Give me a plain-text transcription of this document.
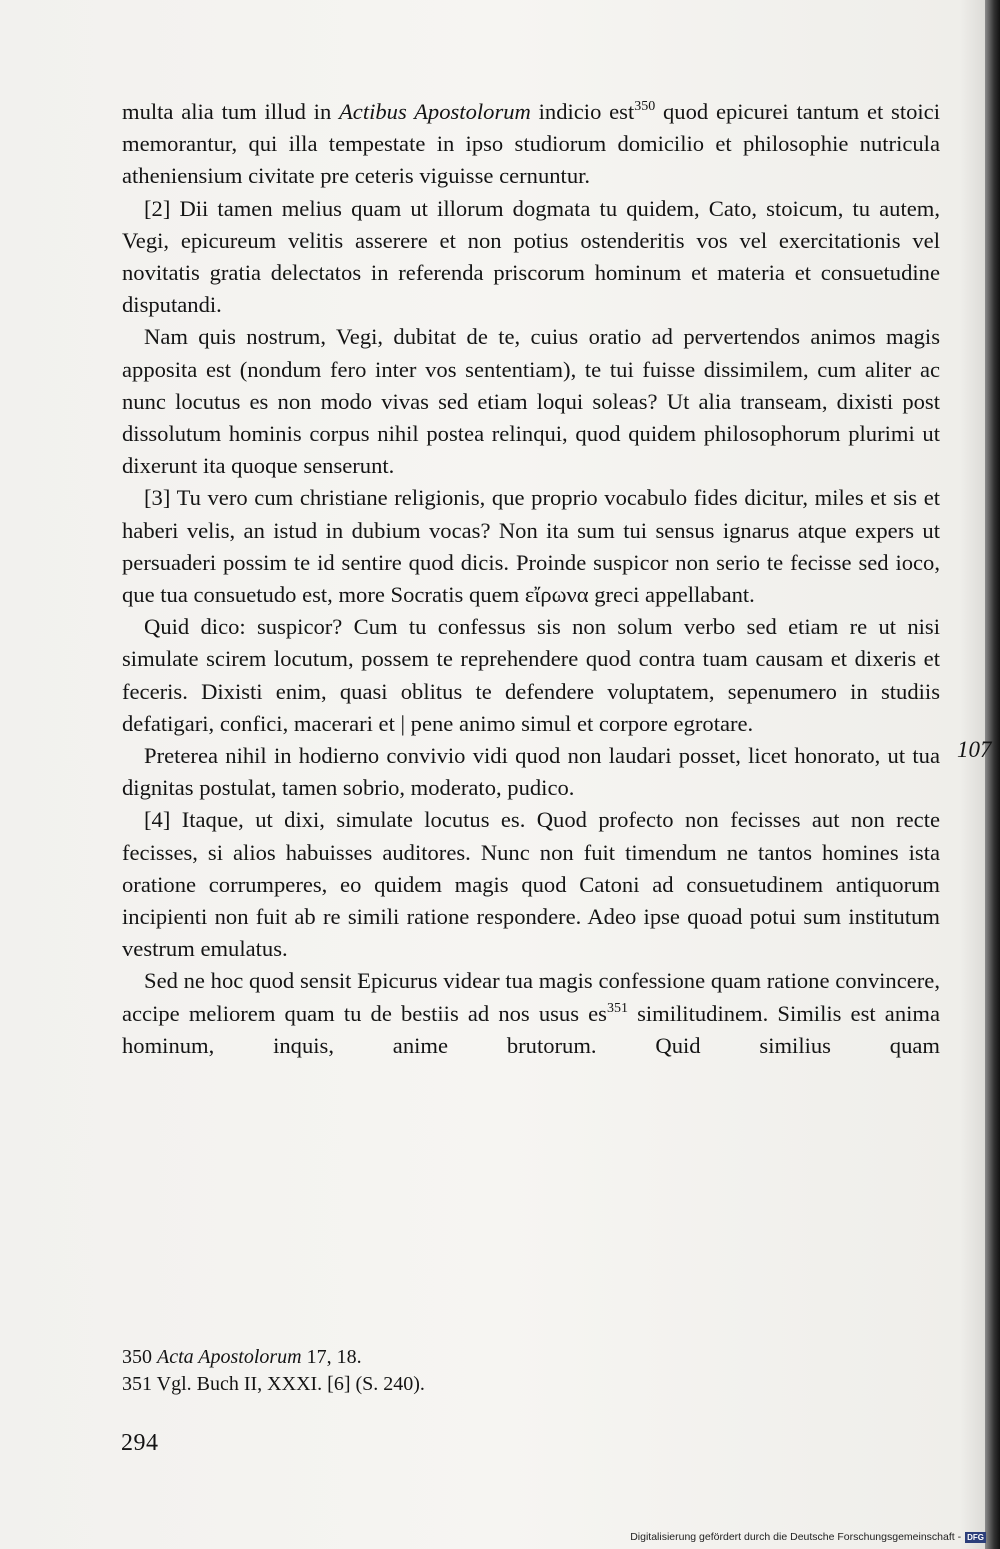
multa alia tum illud in Actibus Apostolorum indicio est$^{350}$ quod epicurei tantum et stoici memorantur, qui illa tempestate in ipso studiorum domicilio et philosophie nutricula atheniensium civitate pre ceteris viguisse cernuntur.

[2] Dii tamen melius quam ut illorum dogmata tu quidem, Cato, stoicum, tu autem, Vegi, epicureum velitis asserere et non potius ostenderitis vos vel exercitationis vel novitatis gratia delectatos in referenda priscorum hominum et materia et consuetudine disputandi.

Nam quis nostrum, Vegi, dubitat de te, cuius oratio ad pervertendos animos magis apposita est (nondum fero inter vos sententiam), te tui fuisse dissimilem, cum aliter ac nunc locutus es non modo vivas sed etiam loqui soleas? Ut alia transeam, dixisti post dissolutum hominis corpus nihil postea relinqui, quod quidem philosophorum plurimi ut dixerunt ita quoque senserunt.

[3] Tu vero cum christiane religionis, que proprio vocabulo fides dicitur, miles et sis et haberi velis, an istud in dubium vocas? Non ita sum tui sensus ignarus atque expers ut persuaderi possim te id sentire quod dicis. Proinde suspicor non serio te fecisse sed ioco, que tua consuetudo est, more Socratis quem εἴρωνα greci appellabant.

Quid dico: suspicor? Cum tu confessus sis non solum verbo sed etiam re ut nisi simulate scirem locutum, possem te reprehendere quod contra tuam causam et dixeris et feceris. Dixisti enim, quasi oblitus te defendere voluptatem, sepenumero in studiis defatigari, confici, macerari et | pene animo simul et corpore egrotare.

Preterea nihil in hodierno convivio vidi quod non laudari posset, licet honorato, ut tua dignitas postulat, tamen sobrio, moderato, pudico.

[4] Itaque, ut dixi, simulate locutus es. Quod profecto non fecisses aut non recte fecisses, si alios habuisses auditores. Nunc non fuit timendum ne tantos homines ista oratione corrumperes, eo quidem magis quod Catoni ad consuetudinem antiquorum incipienti non fuit ab re simili ratione respondere. Adeo ipse quoad potui sum institutum vestrum emulatus.

Sed ne hoc quod sensit Epicurus videar tua magis confessione quam ratione convincere, accipe meliorem quam tu de bestiis ad nos usus $es^{351}$ similitudinem. Similis est anima hominum, inquis, anime brutorum. Quid similius quam

107
350 Acta Apostolorum 17, 18.
351 Vgl. Buch II, XXXI. [6] (S. 240).
294
Digitalisierung gefördert durch die Deutsche Forschungsgemeinschaft - DFG
